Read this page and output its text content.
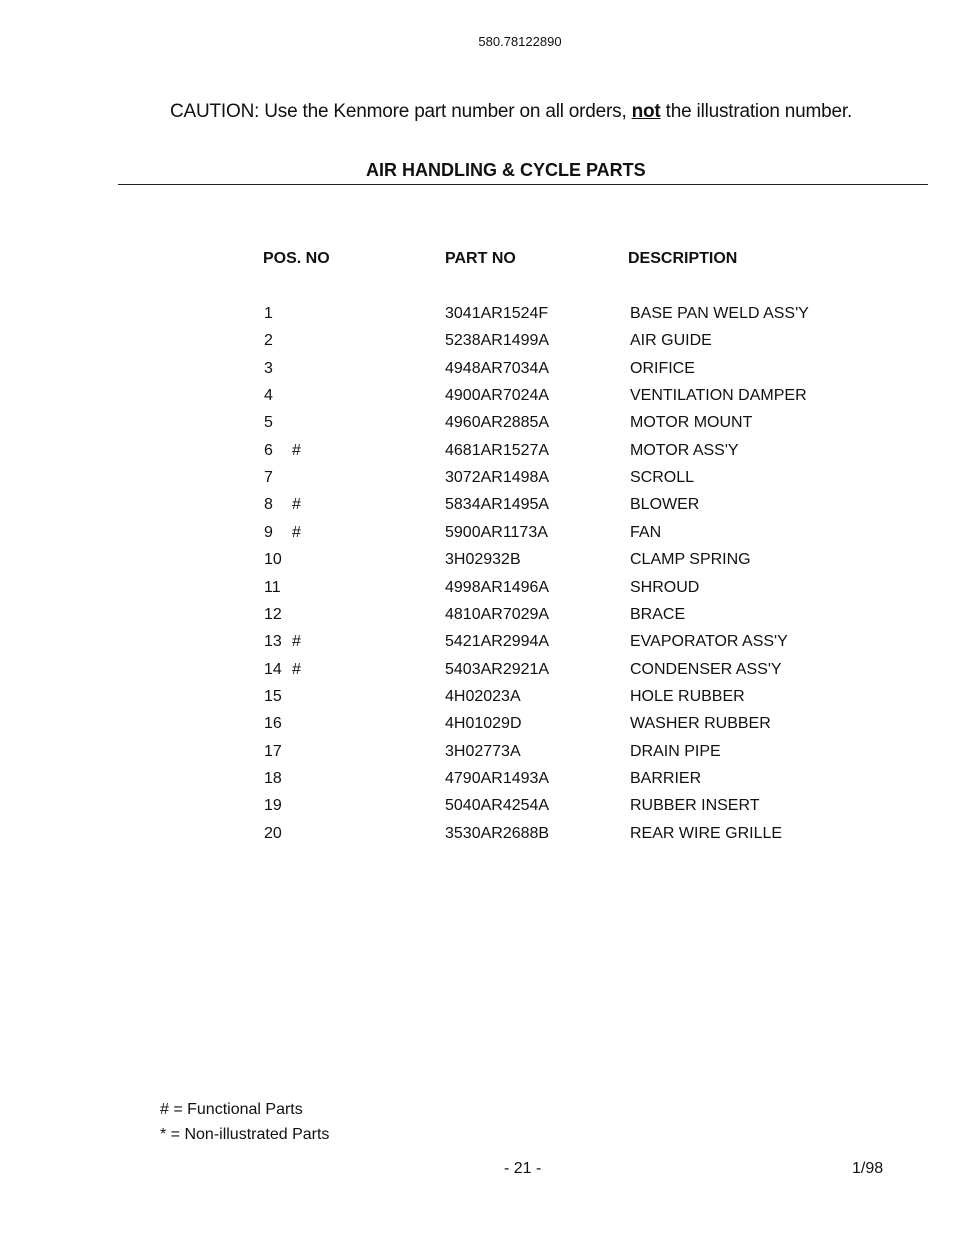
580.78122890
CAUTION: Use the Kenmore part number on all orders, not the illustration number.
AIR HANDLING & CYCLE PARTS
POS. NO	PART NO	DESCRIPTION
1	3041AR1524F	BASE PAN WELD ASS'Y
2	5238AR1499A	AIR GUIDE
3	4948AR7034A	ORIFICE
4	4900AR7024A	VENTILATION DAMPER
5	4960AR2885A	MOTOR MOUNT
6 #	4681AR1527A	MOTOR ASS'Y
7	3072AR1498A	SCROLL
8 #	5834AR1495A	BLOWER
9 #	5900AR1173A	FAN
10	3H02932B	CLAMP SPRING
11	4998AR1496A	SHROUD
12	4810AR7029A	BRACE
13 #	5421AR2994A	EVAPORATOR ASS'Y
14 #	5403AR2921A	CONDENSER ASS'Y
15	4H02023A	HOLE RUBBER
16	4H01029D	WASHER RUBBER
17	3H02773A	DRAIN PIPE
18	4790AR1493A	BARRIER
19	5040AR4254A	RUBBER INSERT
20	3530AR2688B	REAR WIRE GRILLE
# = Functional Parts
* = Non-illustrated Parts
- 21 -	1/98
